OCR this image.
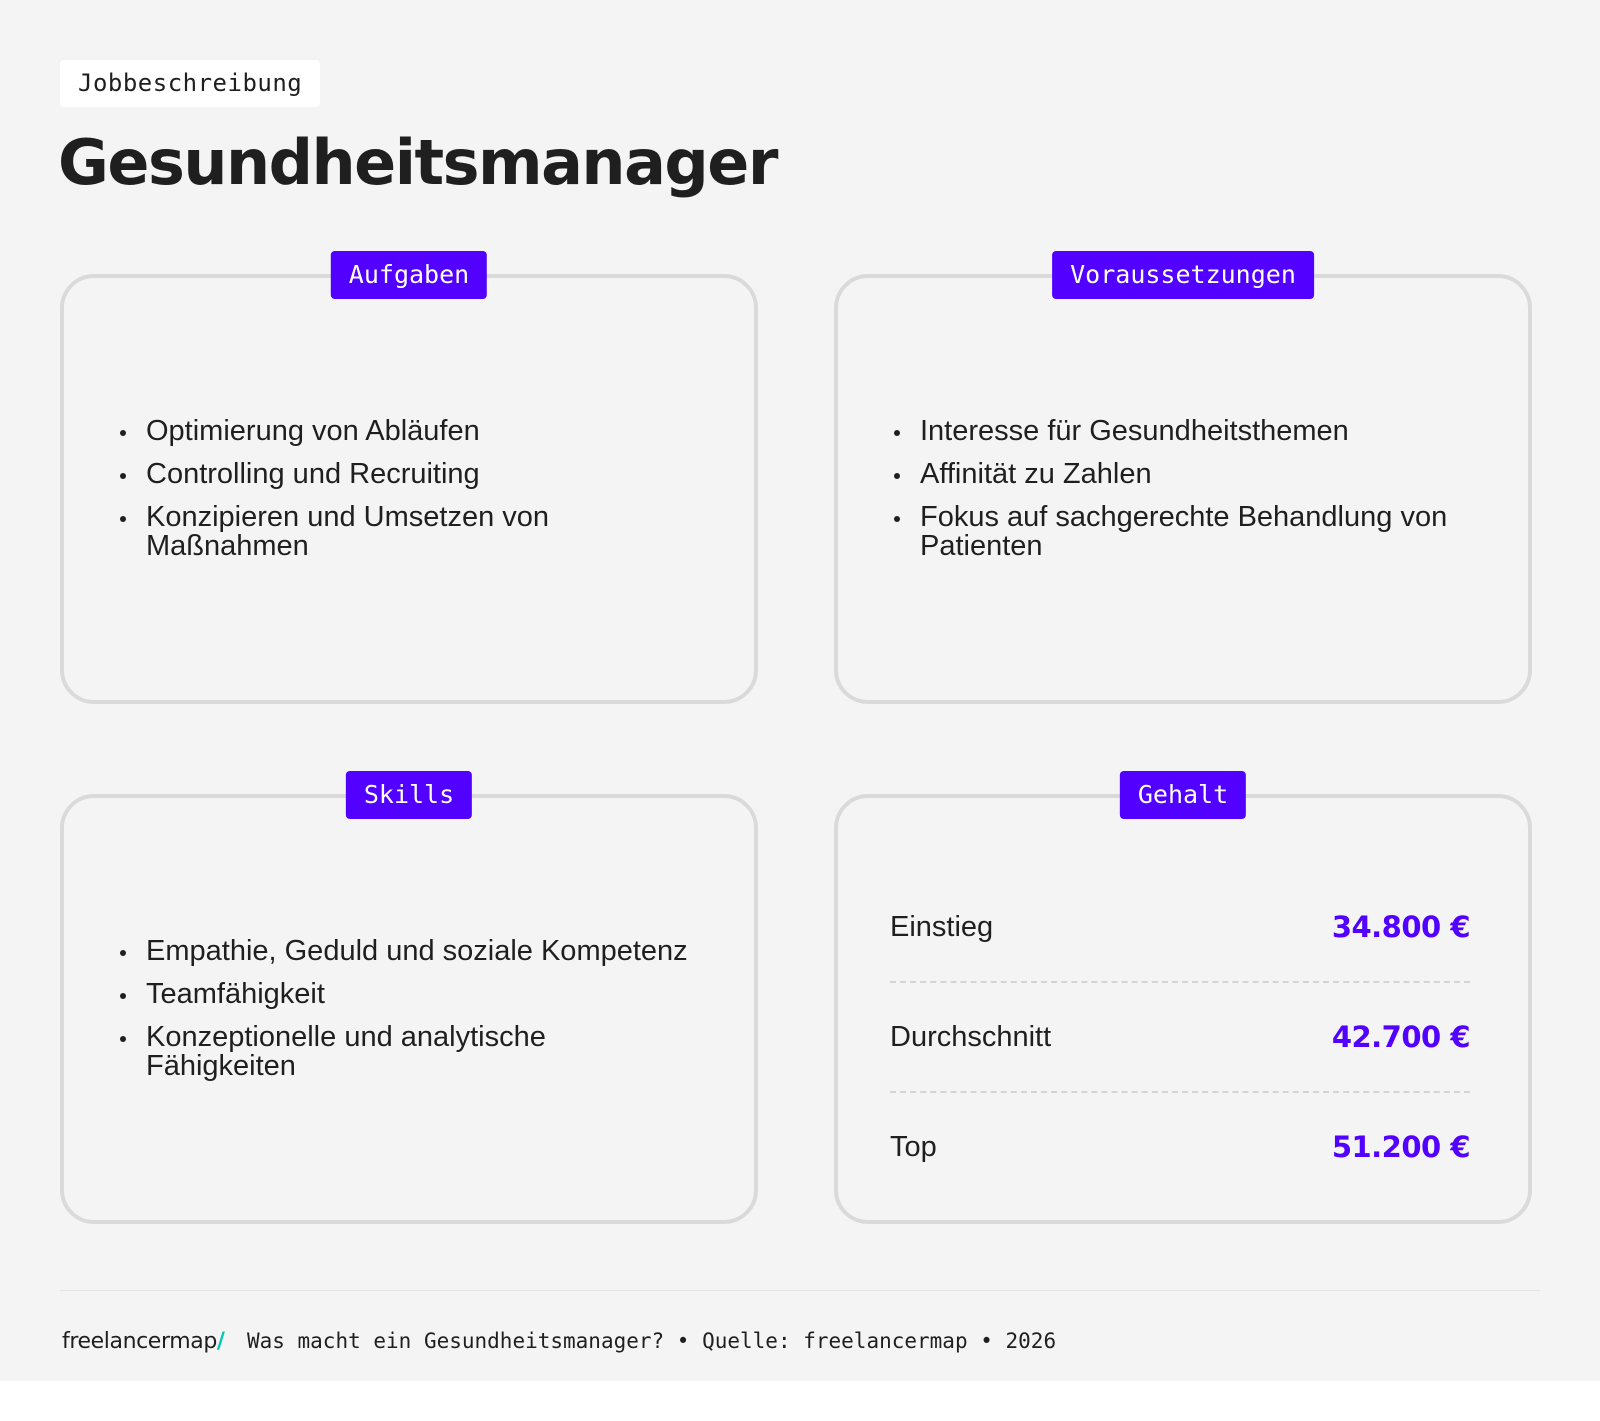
Jobbeschreibung
Gesundheitsmanager
Aufgaben
Optimierung von Abläufen
Controlling und Recruiting
Konzipieren und Umsetzen von Maßnahmen
Voraussetzungen
Interesse für Gesundheitsthemen
Affinität zu Zahlen
Fokus auf sachgerechte Behandlung von Patienten
Skills
Empathie, Geduld und soziale Kompetenz
Teamfähigkeit
Konzeptionelle und analytische Fähigkeiten
Gehalt
Einstieg	34.800 €
Durchschnitt	42.700 €
Top	51.200 €
freelancermap / Was macht ein Gesundheitsmanager? • Quelle: freelancermap • 2026
